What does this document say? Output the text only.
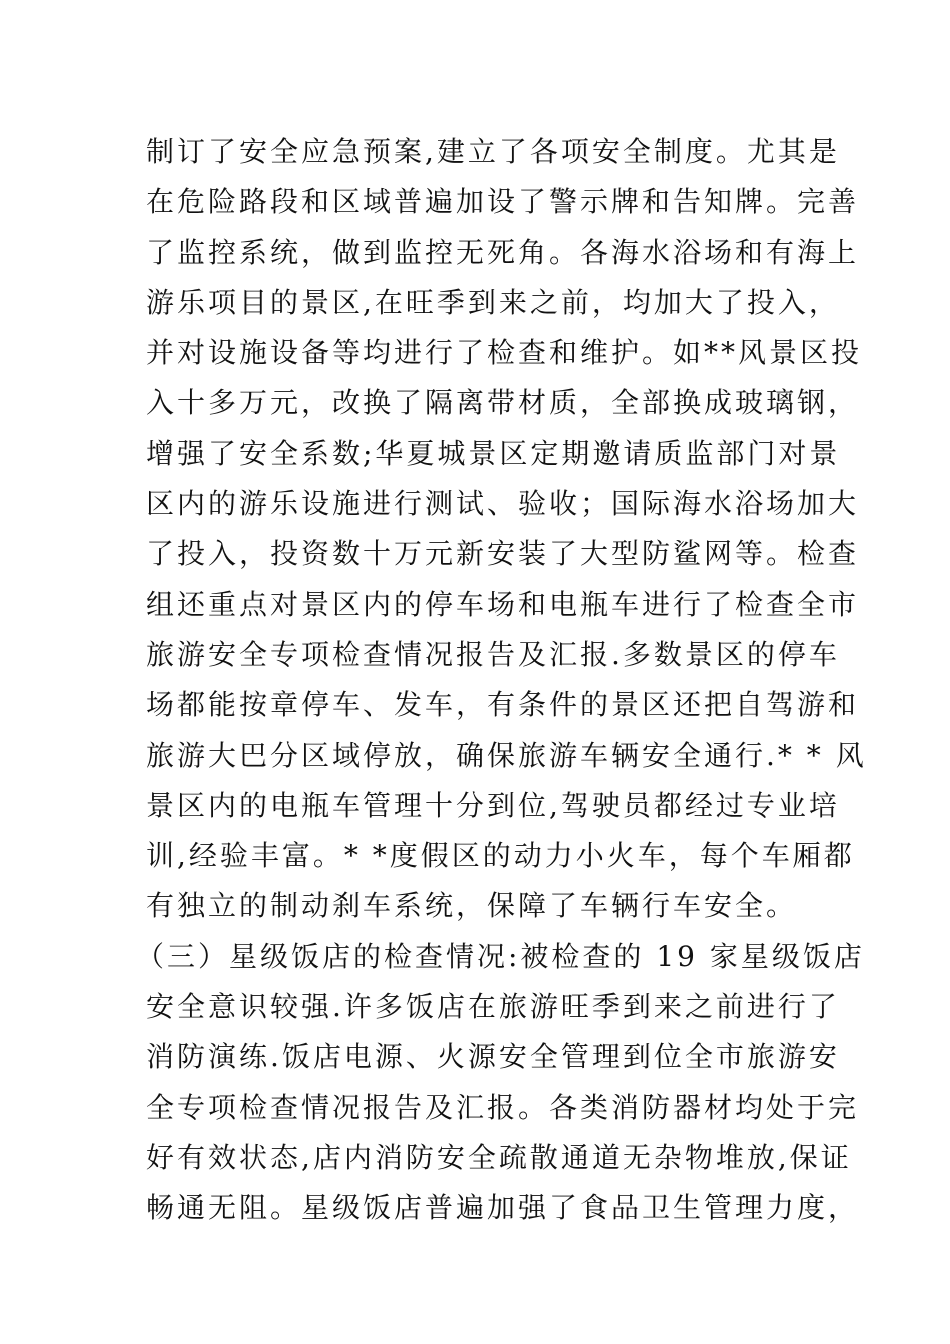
制订了安全应急预案,建立了各项安全制度。尤其是
在危险路段和区域普遍加设了警示牌和告知牌。完善
了监控系统，做到监控无死角。各海水浴场和有海上
游乐项目的景区,在旺季到来之前，均加大了投入，
并对设施设备等均进行了检查和维护。如**风景区投
入十多万元，改换了隔离带材质，全部换成玻璃钢，
增强了安全系数;华夏城景区定期邀请质监部门对景
区内的游乐设施进行测试、验收；国际海水浴场加大
了投入，投资数十万元新安装了大型防鲨网等。检查
组还重点对景区内的停车场和电瓶车进行了检查全市
旅游安全专项检查情况报告及汇报.多数景区的停车
场都能按章停车、发车，有条件的景区还把自驾游和
旅游大巴分区域停放，确保旅游车辆安全通行.* * 风
景区内的电瓶车管理十分到位,驾驶员都经过专业培
训,经验丰富。* *度假区的动力小火车，每个车厢都
有独立的制动刹车系统，保障了车辆行车安全。
（三）星级饭店的检查情况:被检查的 19 家星级饭店
安全意识较强.许多饭店在旅游旺季到来之前进行了
消防演练.饭店电源、火源安全管理到位全市旅游安
全专项检查情况报告及汇报。各类消防器材均处于完
好有效状态,店内消防安全疏散通道无杂物堆放,保证
畅通无阻。星级饭店普遍加强了食品卫生管理力度，
